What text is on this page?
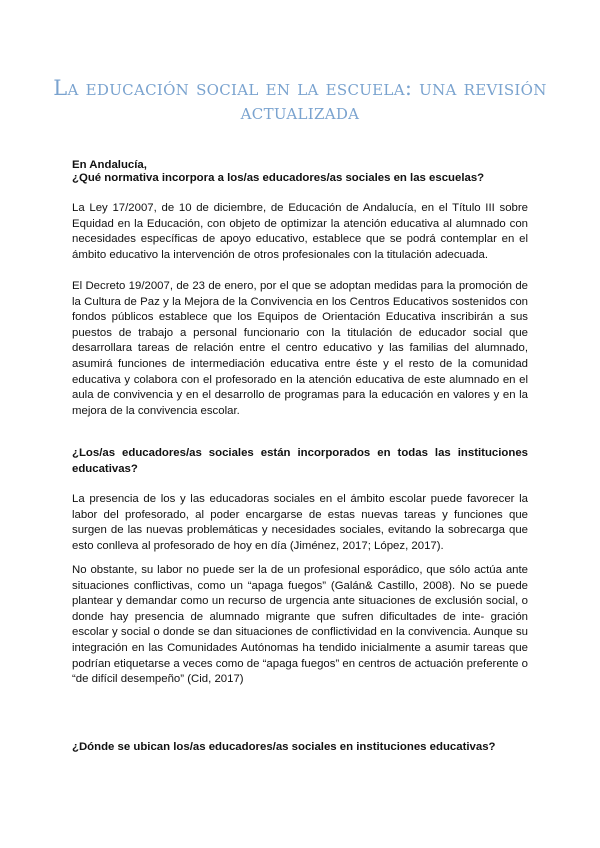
La educación social en la escuela: una revisión actualizada

En Andalucía,

¿Qué normativa incorpora a los/as educadores/as sociales en las escuelas?

La Ley 17/2007, de 10 de diciembre, de Educación de Andalucía, en el Título III sobre Equidad en la Educación, con objeto de optimizar la atención educativa al alumnado con necesidades específicas de apoyo educativo, establece que se podrá contemplar en el ámbito educativo la intervención de otros profesionales con la titulación adecuada.

El Decreto 19/2007, de 23 de enero, por el que se adoptan medidas para la promoción de la Cultura de Paz y la Mejora de la Convivencia en los Centros Educativos sostenidos con fondos públicos establece que los Equipos de Orientación Educativa inscribirán a sus puestos de trabajo a personal funcionario con la titulación de educador social que desarrollara tareas de relación entre el centro educativo y las familias del alumnado, asumirá funciones de intermediación educativa entre éste y el resto de la comunidad educativa y colabora con el profesorado en la atención educativa de este alumnado en el aula de convivencia y en el desarrollo de programas para la educación en valores y en la mejora de la convivencia escolar.

¿Los/as educadores/as sociales están incorporados en todas las instituciones educativas?

La presencia de los y las educadoras sociales en el ámbito escolar puede favorecer la labor del profesorado, al poder encargarse de estas nuevas tareas y funciones que surgen de las nuevas problemáticas y necesidades sociales, evitando la sobrecarga que esto conlleva al profesorado de hoy en día (Jiménez, 2017; López, 2017).

No obstante, su labor no puede ser la de un profesional esporádico, que sólo actúa ante situaciones conflictivas, como un “apaga fuegos” (Galán& Castillo, 2008). No se puede plantear y demandar como un recurso de urgencia ante situaciones de exclusión social, o donde hay presencia de alumnado migrante que sufren dificultades de inte- gración escolar y social o donde se dan situaciones de conflictividad en la convivencia. Aunque su integración en las Comunidades Autónomas ha tendido inicialmente a asumir tareas que podrían etiquetarse a veces como de “apaga fuegos” en centros de actuación preferente o “de difícil desempeño” (Cid, 2017)

¿Dónde se ubican los/as educadores/as sociales en instituciones educativas?
